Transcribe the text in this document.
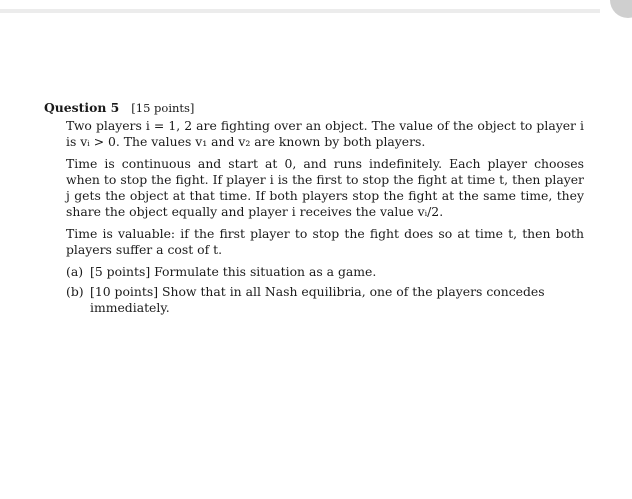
Question 5 [15 points]

Two players i = 1, 2 are fighting over an object. The value of the object to player i is vᵢ > 0. The values v₁ and v₂ are known by both players.

Time is continuous and start at 0, and runs indefinitely. Each player chooses when to stop the fight. If player i is the first to stop the fight at time t, then player j gets the object at that time. If both players stop the fight at the same time, they share the object equally and player i receives the value vᵢ/2.

Time is valuable: if the first player to stop the fight does so at time t, then both players suffer a cost of t.

(a) [5 points] Formulate this situation as a game.
(b) [10 points] Show that in all Nash equilibria, one of the players concedes immediately.
